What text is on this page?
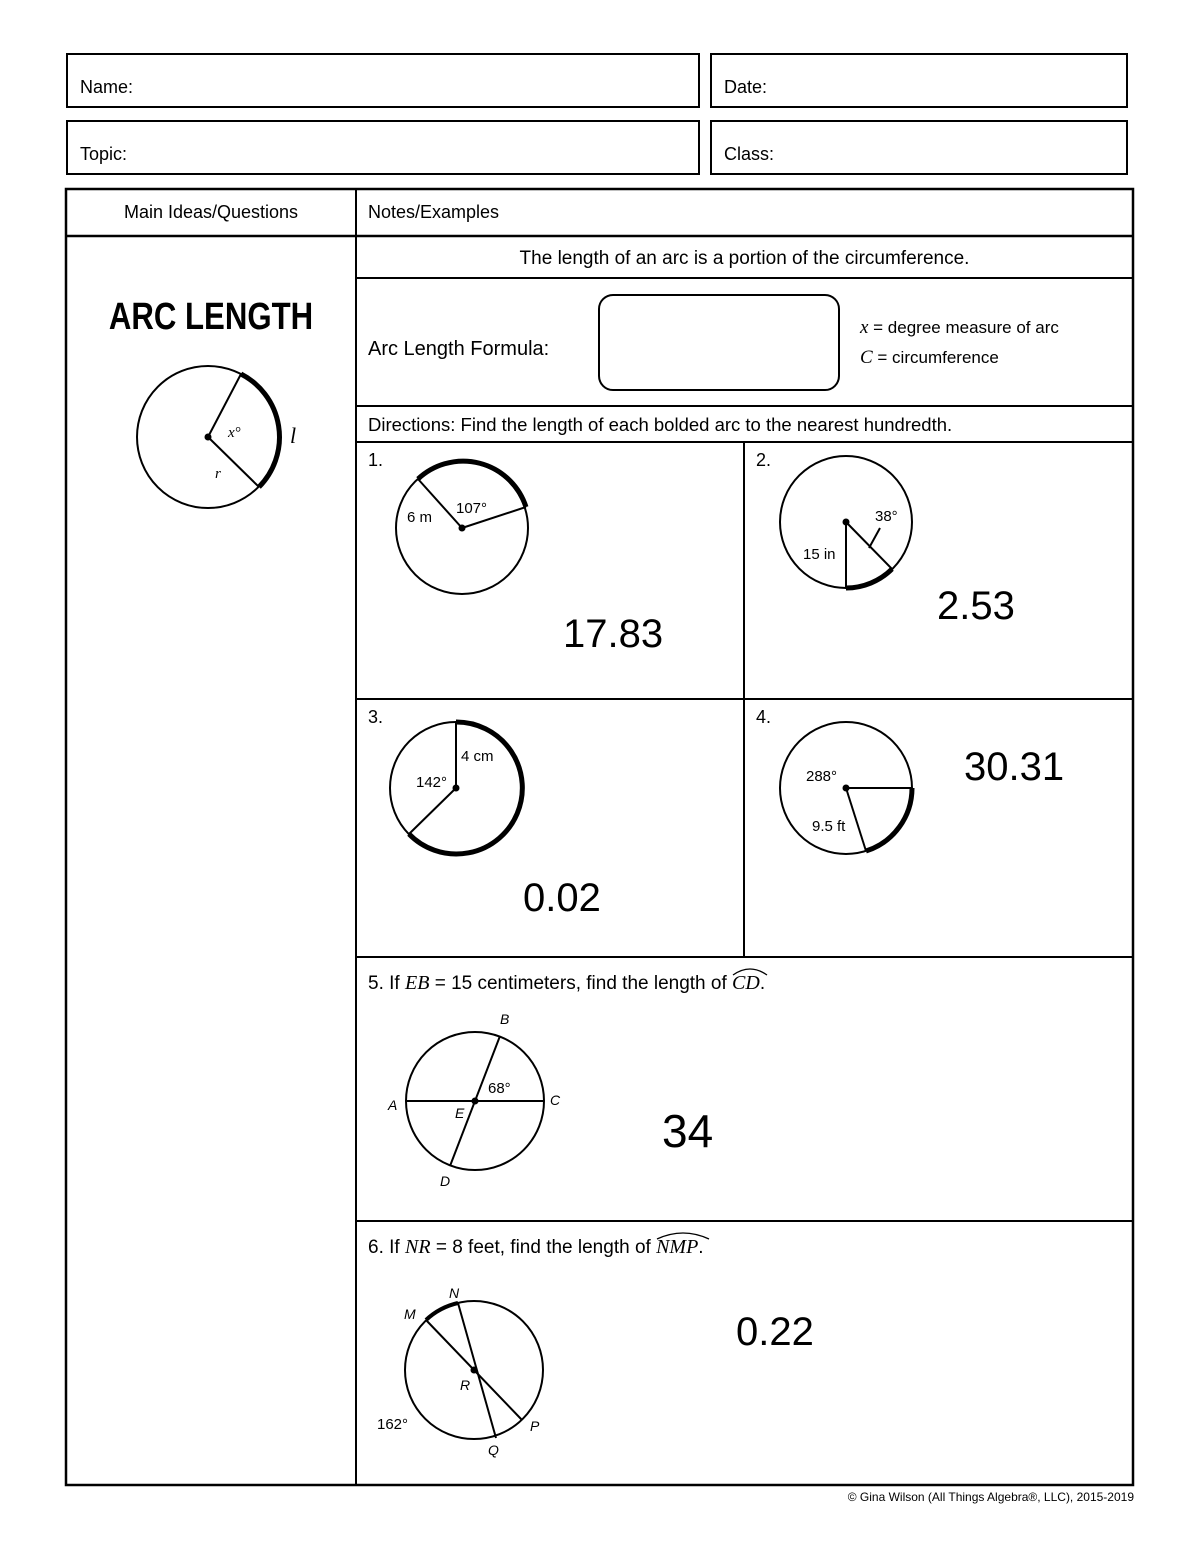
Name:	Date:
Topic:	Class:
Main Ideas/Questions	Notes/Examples
ARC LENGTH
x°
r
l
The length of an arc is a portion of the circumference.
Arc Length Formula:
x = degree measure of arc
C = circumference
Directions: Find the length of each bolded arc to the nearest hundredth.
1.
6 m
107°
17.83
2.
15 in
38°
2.53
3.
4 cm
142°
0.02
4.
9.5 ft
288°	30.31
5. If EB = 15 centimeters, find the length of
CD.
A
B
C
D
E
68°
34
6. If NR = 8 feet, find the length of
NMP.
M
N
P
Q
R
162°
0.22
© Gina Wilson (All Things Algebra®, LLC), 2015-2019
